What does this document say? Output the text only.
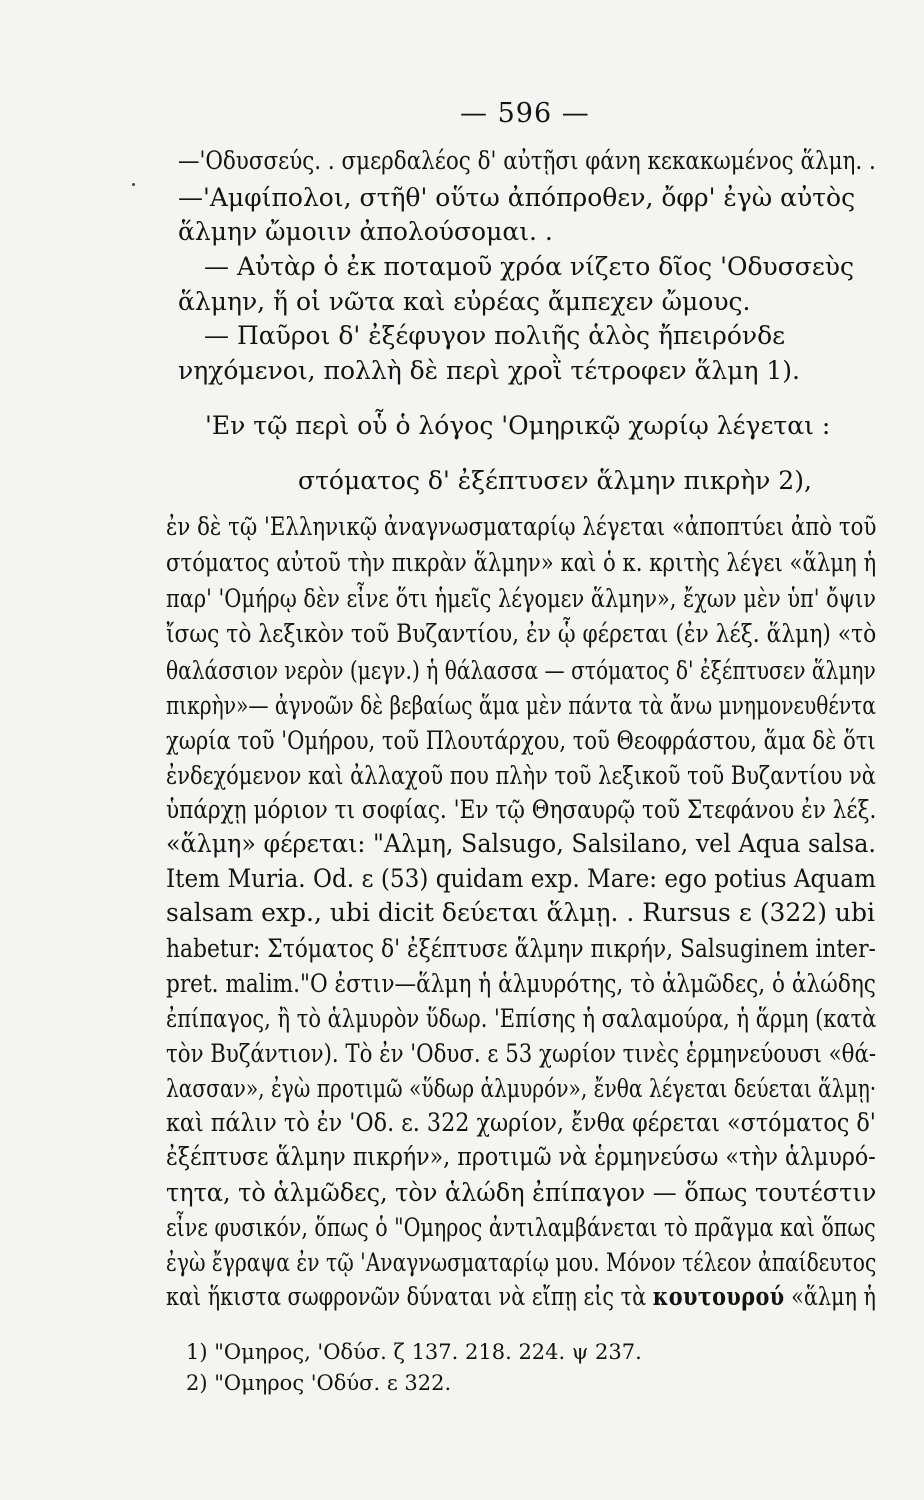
— 596 —
—'Οδυσσεύς. . σμερδαλέος δ' αὐτῇσι φάνη κεκακωμένος ἅλμη. .
—'Αμφίπολοι, στῆθ' οὕτω ἀπόπροθεν, ὄφρ' ἐγὼ αὐτὸς
ἅλμην ὤμοιιν ἀπολούσομαι. .
— Αὐτὰρ ὁ ἐκ ποταμοῦ χρόα νίζετο δῖος 'Οδυσσεὺς
ἅλμην, ἥ οἱ νῶτα καὶ εὐρέας ἄμπεχεν ὤμους.
— Παῦροι δ' ἐξέφυγον πολιῆς ἁλὸς ἤπειρόνδε
νηχόμενοι, πολλὴ δὲ περὶ χροῒ τέτροφεν ἅλμη 1).
'Εν τῷ περὶ οὗ ὁ λόγος 'Ομηρικῷ χωρίῳ λέγεται :
στόματος δ' ἐξέπτυσεν ἅλμην πικρὴν 2),
ἐν δὲ τῷ 'Ελληνικῷ ἀναγνωσματαρίῳ λέγεται «ἀποπτύει ἀπὸ τοῦ
στόματος αὐτοῦ τὴν πικρὰν ἅλμην» καὶ ὁ κ. κριτὴς λέγει «ἅλμη ἡ
παρ' 'Ομήρῳ δὲν εἶνε ὅτι ἡμεῖς λέγομεν ἅλμην», ἔχων μὲν ὑπ' ὄψιν
ἴσως τὸ λεξικὸν τοῦ Βυζαντίου, ἐν ᾧ φέρεται (ἐν λέξ. ἅλμη) «τὸ
θαλάσσιον νερὸν (μεγν.) ἡ θάλασσα — στόματος δ' ἐξέπτυσεν ἅλμην
πικρὴν»— ἀγνοῶν δὲ βεβαίως ἅμα μὲν πάντα τὰ ἄνω μνημονευθέντα
χωρία τοῦ 'Ομήρου, τοῦ Πλουτάρχου, τοῦ Θεοφράστου, ἅμα δὲ ὅτι
ἐνδεχόμενον καὶ ἀλλαχοῦ που πλὴν τοῦ λεξικοῦ τοῦ Βυζαντίου νὰ
ὑπάρχῃ μόριον τι σοφίας. 'Εν τῷ Θησαυρῷ τοῦ Στεφάνου ἐν λέξ.
«ἅλμη» φέρεται: "Αλμη, Salsugo, Salsilano, vel Aqua salsa.
Item Muria. Od. ε (53) quidam exp. Mare: ego potius Aquam
salsam exp., ubi dicit δεύεται ἅλμῃ. . Rursus ε (322) ubi
habetur: Στόματος δ' ἐξέπτυσε ἅλμην πικρήν, Salsuginem inter-
pret. malim."Ο ἐστιν—ἅλμη ἡ ἁλμυρότης, τὸ ἁλμῶδες, ὁ ἁλώδης
ἐπίπαγος, ἢ τὸ ἁλμυρὸν ὕδωρ. 'Επίσης ἡ σαλαμούρα, ἡ ἅρμη (κατὰ
τὸν Βυζάντιον). Τὸ ἐν 'Οδυσ. ε 53 χωρίον τινὲς ἑρμηνεύουσι «θά-
λασσαν», ἐγὼ προτιμῶ «ὕδωρ ἁλμυρόν», ἔνθα λέγεται δεύεται ἅλμῃ·
καὶ πάλιν τὸ ἐν 'Οδ. ε. 322 χωρίον, ἔνθα φέρεται «στόματος δ'
ἐξέπτυσε ἅλμην πικρήν», προτιμῶ νὰ ἑρμηνεύσω «τὴν ἁλμυρό-
τητα, τὸ ἁλμῶδες, τὸν ἁλώδη ἐπίπαγον — ὅπως τουτέστιν
εἶνε φυσικόν, ὅπως ὁ "Ομηρος ἀντιλαμβάνεται τὸ πρᾶγμα καὶ ὅπως
ἐγὼ ἔγραψα ἐν τῷ 'Αναγνωσματαρίῳ μου. Μόνον τέλεον ἀπαίδευτος
καὶ ἥκιστα σωφρονῶν δύναται νὰ εἴπῃ εἰς τὰ κουτουρού «ἅλμη ἡ
1) "Ομηρος, 'Οδύσ. ζ 137. 218. 224. ψ 237.
2) "Ομηρος 'Οδύσ. ε 322.
